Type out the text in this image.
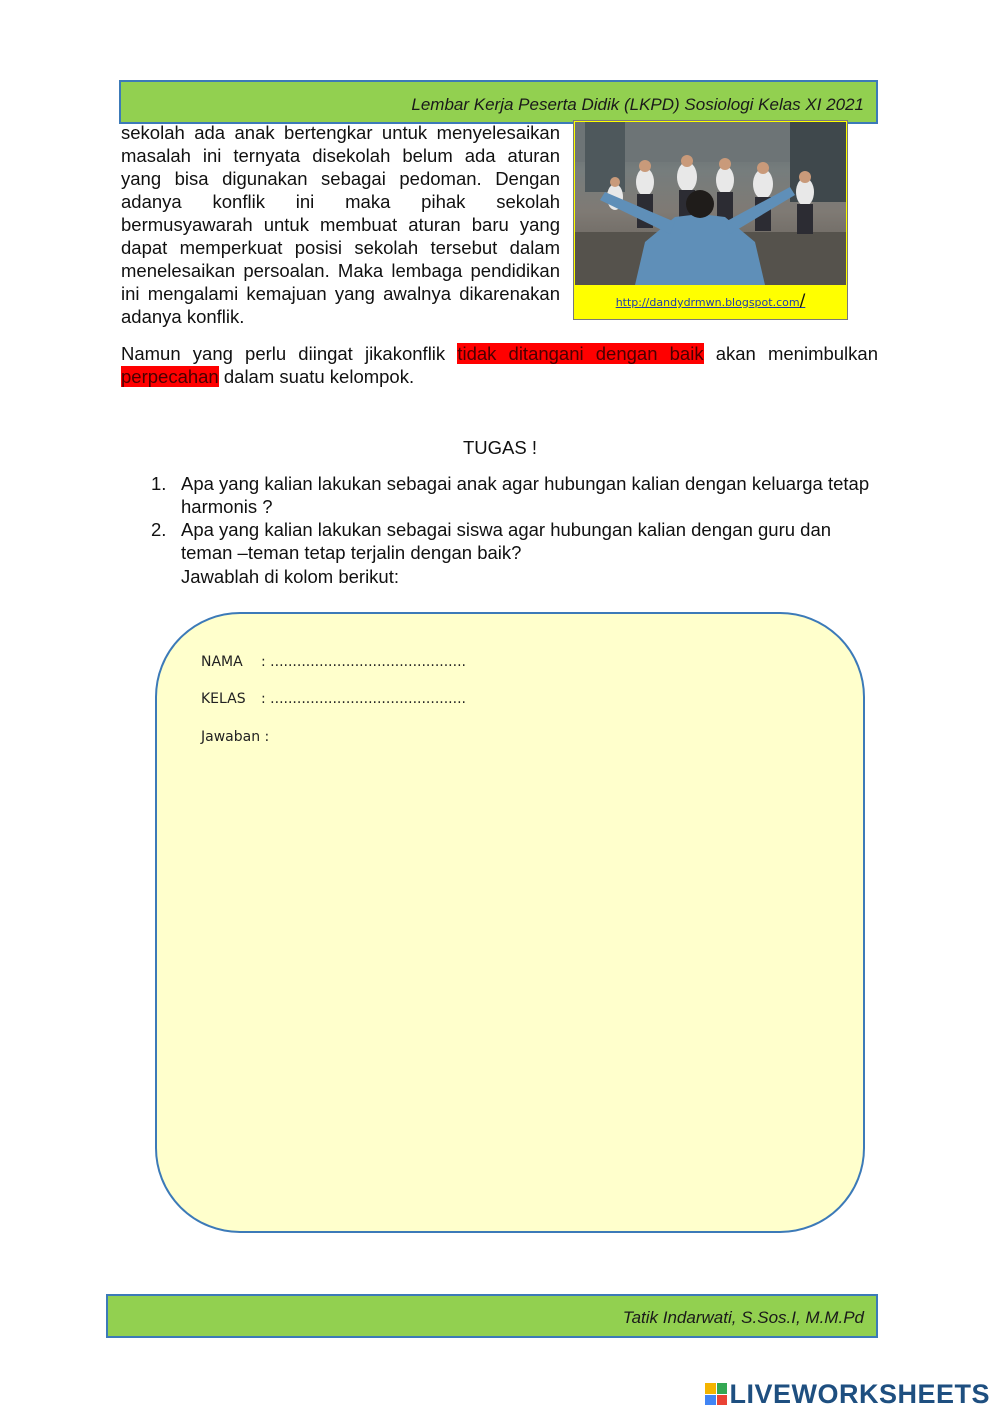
Lembar Kerja Peserta Didik (LKPD) Sosiologi Kelas XI 2021

sekolah ada anak bertengkar untuk menyelesaikan masalah ini ternyata disekolah belum ada aturan yang bisa digunakan sebagai pedoman. Dengan adanya konflik ini maka pihak sekolah bermusyawarah untuk membuat aturan baru yang dapat memperkuat posisi sekolah tersebut dalam menelesaikan persoalan. Maka lembaga pendidikan ini mengalami kemajuan yang awalnya dikarenakan adanya konflik.

http://dandydrmwn.blogspot.com/

Namun yang perlu diingat jikakonflik tidak ditangani dengan baik akan menimbulkan perpecahan dalam suatu kelompok.

TUGAS !
1. Apa yang kalian lakukan sebagai anak agar hubungan kalian dengan keluarga tetap harmonis ?
2. Apa yang kalian lakukan sebagai siswa agar hubungan kalian dengan guru dan teman –teman tetap terjalin dengan baik?
Jawablah di kolom berikut:
NAMA : ............................................
KELAS : ............................................
Jawaban :
Tatik Indarwati, S.Sos.I, M.M.Pd
LIVEWORKSHEETS
